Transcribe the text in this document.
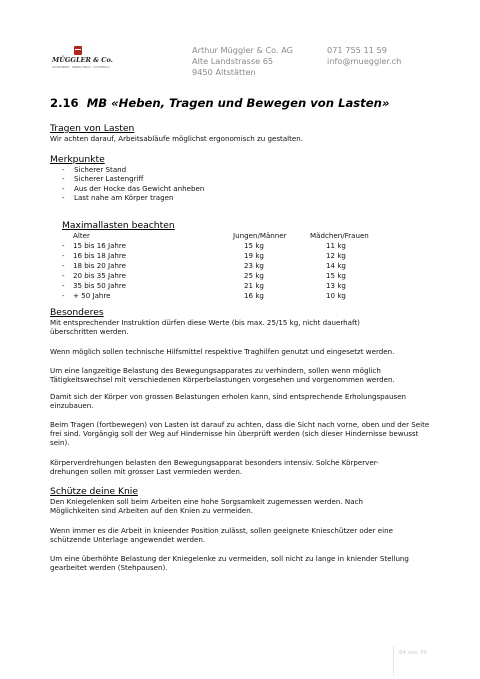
MÜGGLER & Co.
SCHREINEREI · INNENAUSBAU · KÜCHENBAU
Arthur Müggler & Co. AG
Alte Landstrasse 65
9450 Altstätten
071 755 11 59
info@mueggler.ch
2.16 MB «Heben, Tragen und Bewegen von Lasten»
Tragen von Lasten

Wir achten darauf, Arbeitsabläufe möglichst ergonomisch zu gestalten.

Merkpunkte
- Sicherer Stand
- Sicherer Lastengriff
- Aus der Hocke das Gewicht anheben
- Last nahe am Körper tragen
Maximallasten beachten
Alter	Jungen/Männer	Mädchen/Frauen
- 15 bis 16 Jahre	15 kg	11 kg
- 16 bis 18 Jahre	19 kg	12 kg
- 18 bis 20 Jahre	23 kg	14 kg
- 20 bis 35 Jahre	25 kg	15 kg
- 35 bis 50 Jahre	21 kg	13 kg
- + 50 Jahre	16 kg	10 kg
Besonderes

Mit entsprechender Instruktion dürfen diese Werte (bis max. 25/15 kg, nicht dauerhaft) überschritten werden.

Wenn möglich sollen technische Hilfsmittel respektive Traghilfen genutzt und eingesetzt werden.

Um eine langzeitige Belastung des Bewegungsapparates zu verhindern, sollen wenn möglich Tätigkeitswechsel mit verschiedenen Körperbelastungen vorgesehen und vorgenommen werden.

Damit sich der Körper von grossen Belastungen erholen kann, sind entsprechende Erholungspausen einzubauen.

Beim Tragen (fortbewegen) von Lasten ist darauf zu achten, dass die Sicht nach vorne, oben und der Seite frei sind. Vorgängig soll der Weg auf Hindernisse hin überprüft werden (sich dieser Hindernisse bewusst sein).

Körperverdrehungen belasten den Bewegungsapparat besonders intensiv. Solche Körperver- drehungen sollen mit grosser Last vermieden werden.

Schütze deine Knie

Den Kniegelenken soll beim Arbeiten eine hohe Sorgsamkeit zugemessen werden. Nach Möglichkeiten sind Arbeiten auf den Knien zu vermeiden.

Wenn immer es die Arbeit in knieender Position zulässt, sollen geeignete Knieschützer oder eine schützende Unterlage angewendet werden.

Um eine überhöhte Belastung der Kniegelenke zu vermeiden, soll nicht zu lange in kniender Stellung gearbeitet werden (Stehpausen).

64 von 74
